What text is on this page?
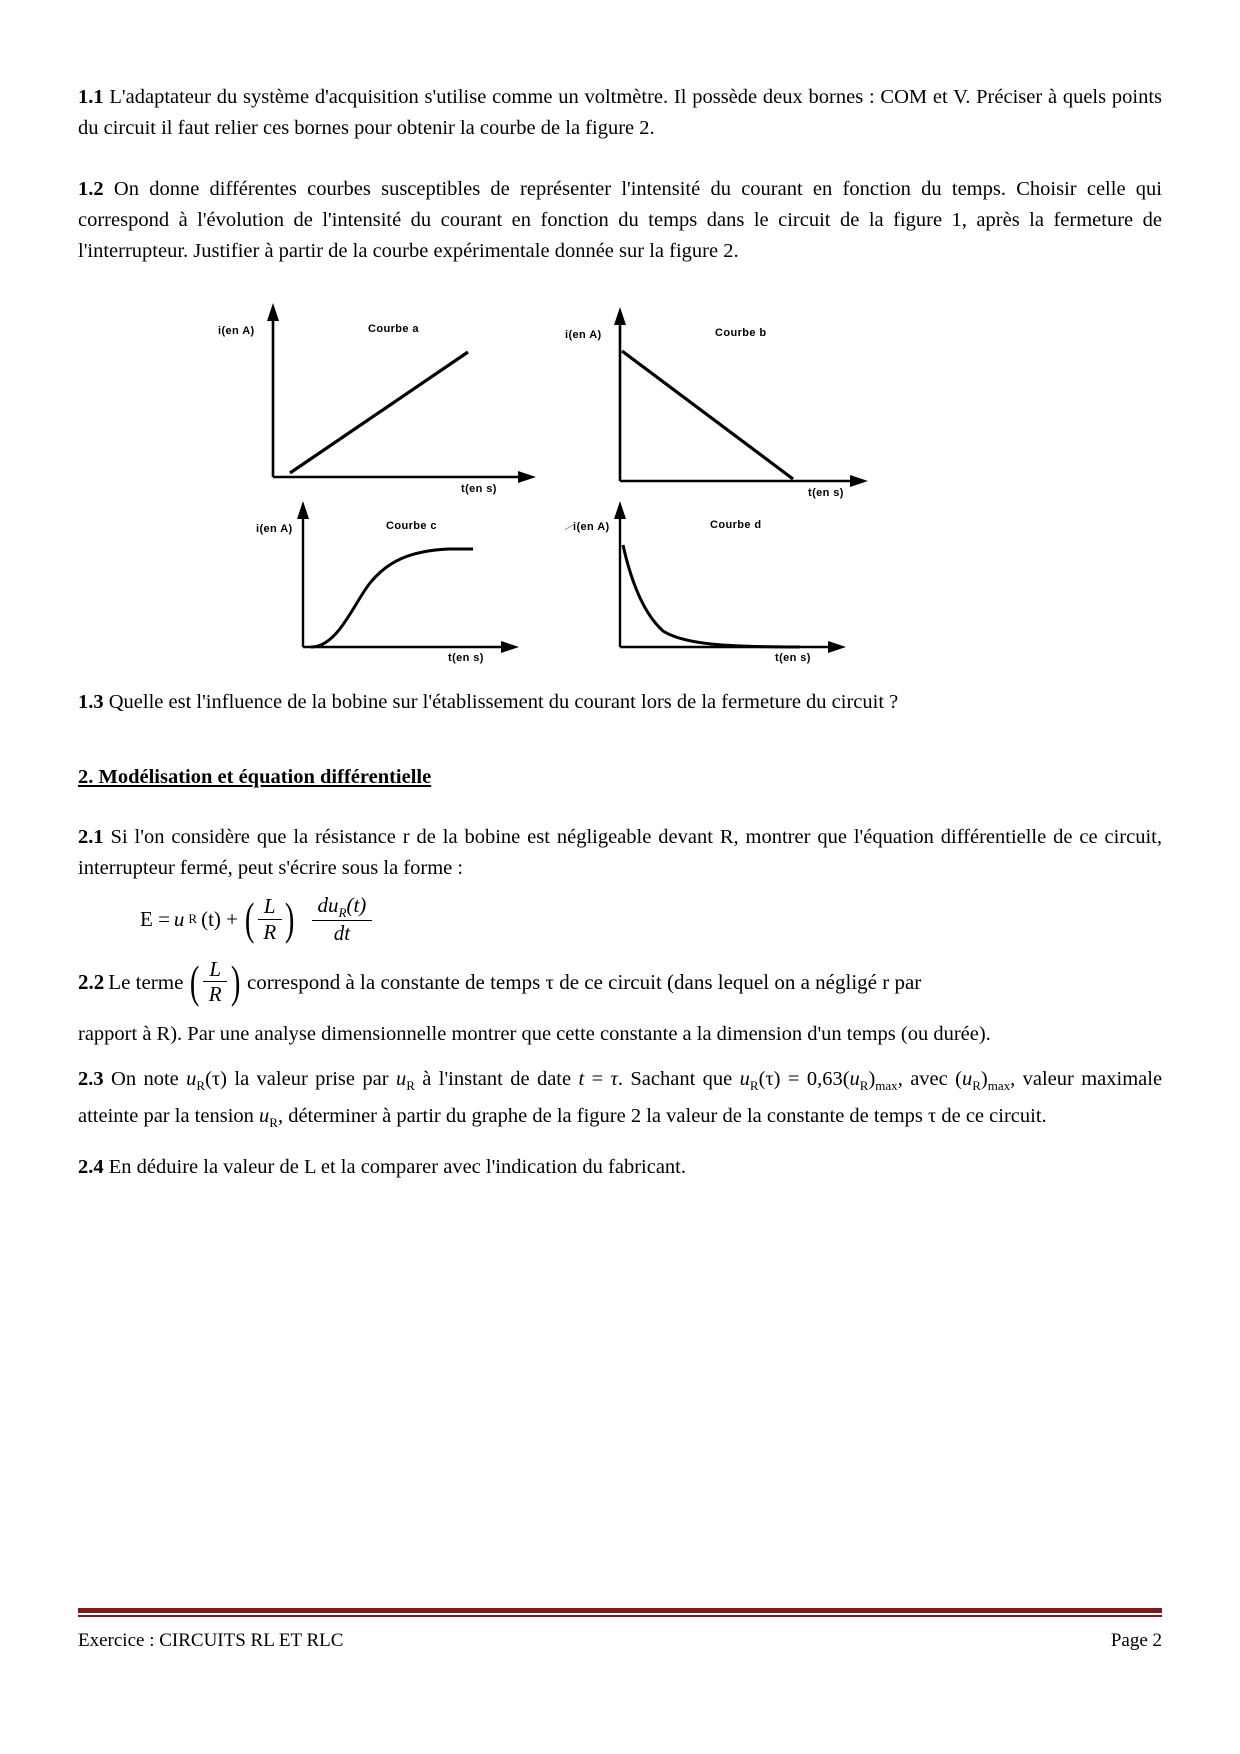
1.1 L'adaptateur du système d'acquisition s'utilise comme un voltmètre. Il possède deux bornes : COM et V. Préciser à quels points du circuit il faut relier ces bornes pour obtenir la courbe de la figure 2.

1.2 On donne différentes courbes susceptibles de représenter l'intensité du courant en fonction du temps. Choisir celle qui correspond à l'évolution de l'intensité du courant en fonction du temps dans le circuit de la figure 1, après la fermeture de l'interrupteur. Justifier à partir de la courbe expérimentale donnée sur la figure 2.

i(en A)	Courbe a
t(en s)
i(en A)	Courbe b
t(en s)
i(en A)	Courbe c
t(en s)
i(en A)	Courbe d
t(en s)

1.3 Quelle est l'influence de la bobine sur l'établissement du courant lors de la fermeture du circuit ?

2. Modélisation et équation différentielle

2.1 Si l'on considère que la résistance r de la bobine est négligeable devant R, montrer que l'équation différentielle de ce circuit, interrupteur fermé, peut s'écrire sous la forme :

E = u R (t) + ( $\frac{L}{R}$ ) $du_R(t)$
dt
2.2 Le terme ( $\frac{L}{R}$ ) correspond à la constante de temps τ de ce circuit (dans lequel on a négligé r par

rapport à R). Par une analyse dimensionnelle montrer que cette constante a la dimension d'un temps (ou durée).

2.3 On note $u_R(\tau)$ la valeur prise par $u_R$ à l'instant de date t = τ. Sachant que $u_R(\tau) = 0,63(u_R)_{max}$, avec $(u_R)_{max}$, valeur maximale atteinte par la tension $u_R$, déterminer à partir du graphe de la figure 2 la valeur de la constante de temps τ de ce circuit.

2.4 En déduire la valeur de L et la comparer avec l'indication du fabricant.

Exercice : CIRCUITS RL ET RLC	Page 2
